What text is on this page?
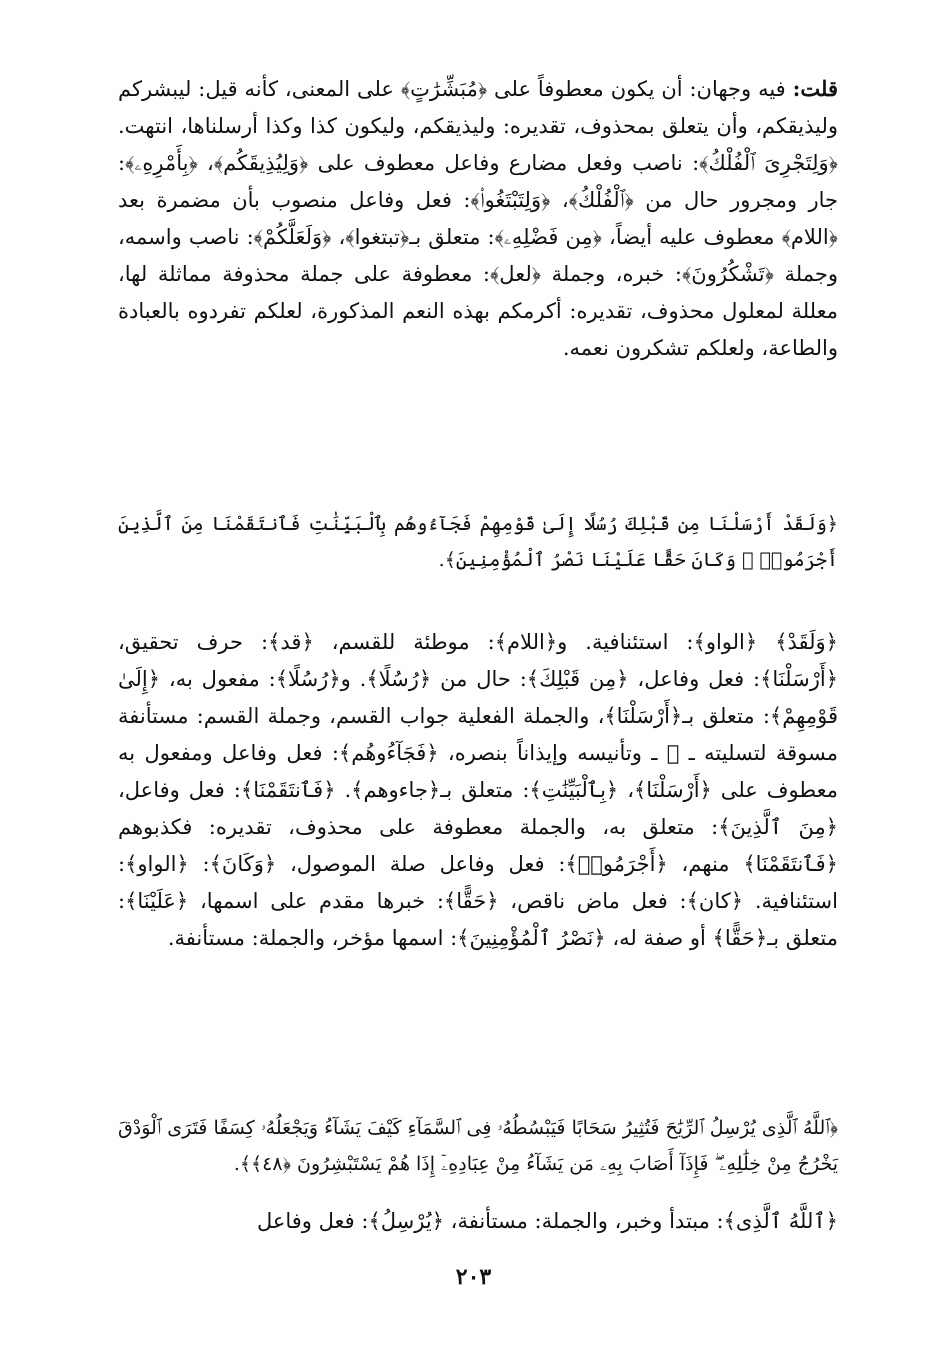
قلت: فيه وجهان: أن يكون معطوفاً على ﴿مُبَشِّرَٰتٍ﴾ على المعنى، كأنه قيل: ليبشركم وليذيقكم، وأن يتعلق بمحذوف، تقديره: وليذيقكم، وليكون كذا وكذا أرسلناها، انتهت. ﴿وَلِتَجْرِىَ ٱلْفُلْكُ﴾: ناصب وفعل مضارع وفاعل معطوف على ﴿وَلِيُذِيقَكُم﴾، ﴿بِأَمْرِهِۦ﴾: جار ومجرور حال من ﴿ٱلْفُلْكُ﴾، ﴿وَلِتَبْتَغُوا۟﴾: فعل وفاعل منصوب بأن مضمرة بعد ﴿اللام﴾ معطوف عليه أيضاً، ﴿مِن فَضْلِهِۦ﴾: متعلق بـ﴿تبتغوا﴾، ﴿وَلَعَلَّكُمْ﴾: ناصب واسمه، وجملة ﴿تَشْكُرُونَ﴾: خبره، وجملة ﴿لعل﴾: معطوفة على جملة محذوفة مماثلة لها، معللة لمعلول محذوف، تقديره: أكرمكم بهذه النعم المذكورة، لعلكم تفردوه بالعبادة والطاعة، ولعلكم تشكرون نعمه.

﴿وَلَقَدْ أَرْسَلْنَا مِن قَبْلِكَ رُسُلًا إِلَىٰ قَوْمِهِمْ فَجَآءُوهُم بِٱلْبَيِّنَٰتِ فَٱنتَقَمْنَا مِنَ ٱلَّذِينَ أَجْرَمُوا۟ ۖ وَكَانَ حَقًّا عَلَيْنَا نَصْرُ ٱلْمُؤْمِنِينَ﴾.

﴿وَلَقَدْ﴾ ﴿الواو﴾: استئنافية. و﴿اللام﴾: موطئة للقسم، ﴿قد﴾: حرف تحقيق، ﴿أَرْسَلْنَا﴾: فعل وفاعل، ﴿مِن قَبْلِكَ﴾: حال من ﴿رُسُلًا﴾. و﴿رُسُلًا﴾: مفعول به، ﴿إِلَىٰ قَوْمِهِمْ﴾: متعلق بـ﴿أَرْسَلْنَا﴾، والجملة الفعلية جواب القسم، وجملة القسم: مستأنفة مسوقة لتسليته ـ ﷺ ـ وتأنيسه وإيذاناً بنصره، ﴿فَجَآءُوهُم﴾: فعل وفاعل ومفعول به معطوف على ﴿أَرْسَلْنَا﴾، ﴿بِٱلْبَيِّنَٰتِ﴾: متعلق بـ﴿جاءوهم﴾. ﴿فَٱنتَقَمْنَا﴾: فعل وفاعل، ﴿مِنَ ٱلَّذِينَ﴾: متعلق به، والجملة معطوفة على محذوف، تقديره: فكذبوهم ﴿فَٱنتَقَمْنَا﴾ منهم، ﴿أَجْرَمُوا۟﴾: فعل وفاعل صلة الموصول، ﴿وَكَانَ﴾: ﴿الواو﴾: استئنافية. ﴿كان﴾: فعل ماض ناقص، ﴿حَقًّا﴾: خبرها مقدم على اسمها، ﴿عَلَيْنَا﴾: متعلق بـ﴿حَقًّا﴾ أو صفة له، ﴿نَصْرُ ٱلْمُؤْمِنِينَ﴾: اسمها مؤخر، والجملة: مستأنفة.

﴿ٱللَّهُ ٱلَّذِى يُرْسِلُ ٱلرِّيَٰحَ فَتُثِيرُ سَحَابًا فَيَبْسُطُهُۥ فِى ٱلسَّمَآءِ كَيْفَ يَشَآءُ وَيَجْعَلُهُۥ كِسَفًا فَتَرَى ٱلْوَدْقَ يَخْرُجُ مِنْ خِلَٰلِهِۦ ۖ فَإِذَآ أَصَابَ بِهِۦ مَن يَشَآءُ مِنْ عِبَادِهِۦٓ إِذَا هُمْ يَسْتَبْشِرُونَ ﴿٤٨﴾﴾.

﴿ٱللَّهُ ٱلَّذِى﴾: مبتدأ وخبر، والجملة: مستأنفة، ﴿يُرْسِلُ﴾: فعل وفاعل

٢٠٣
